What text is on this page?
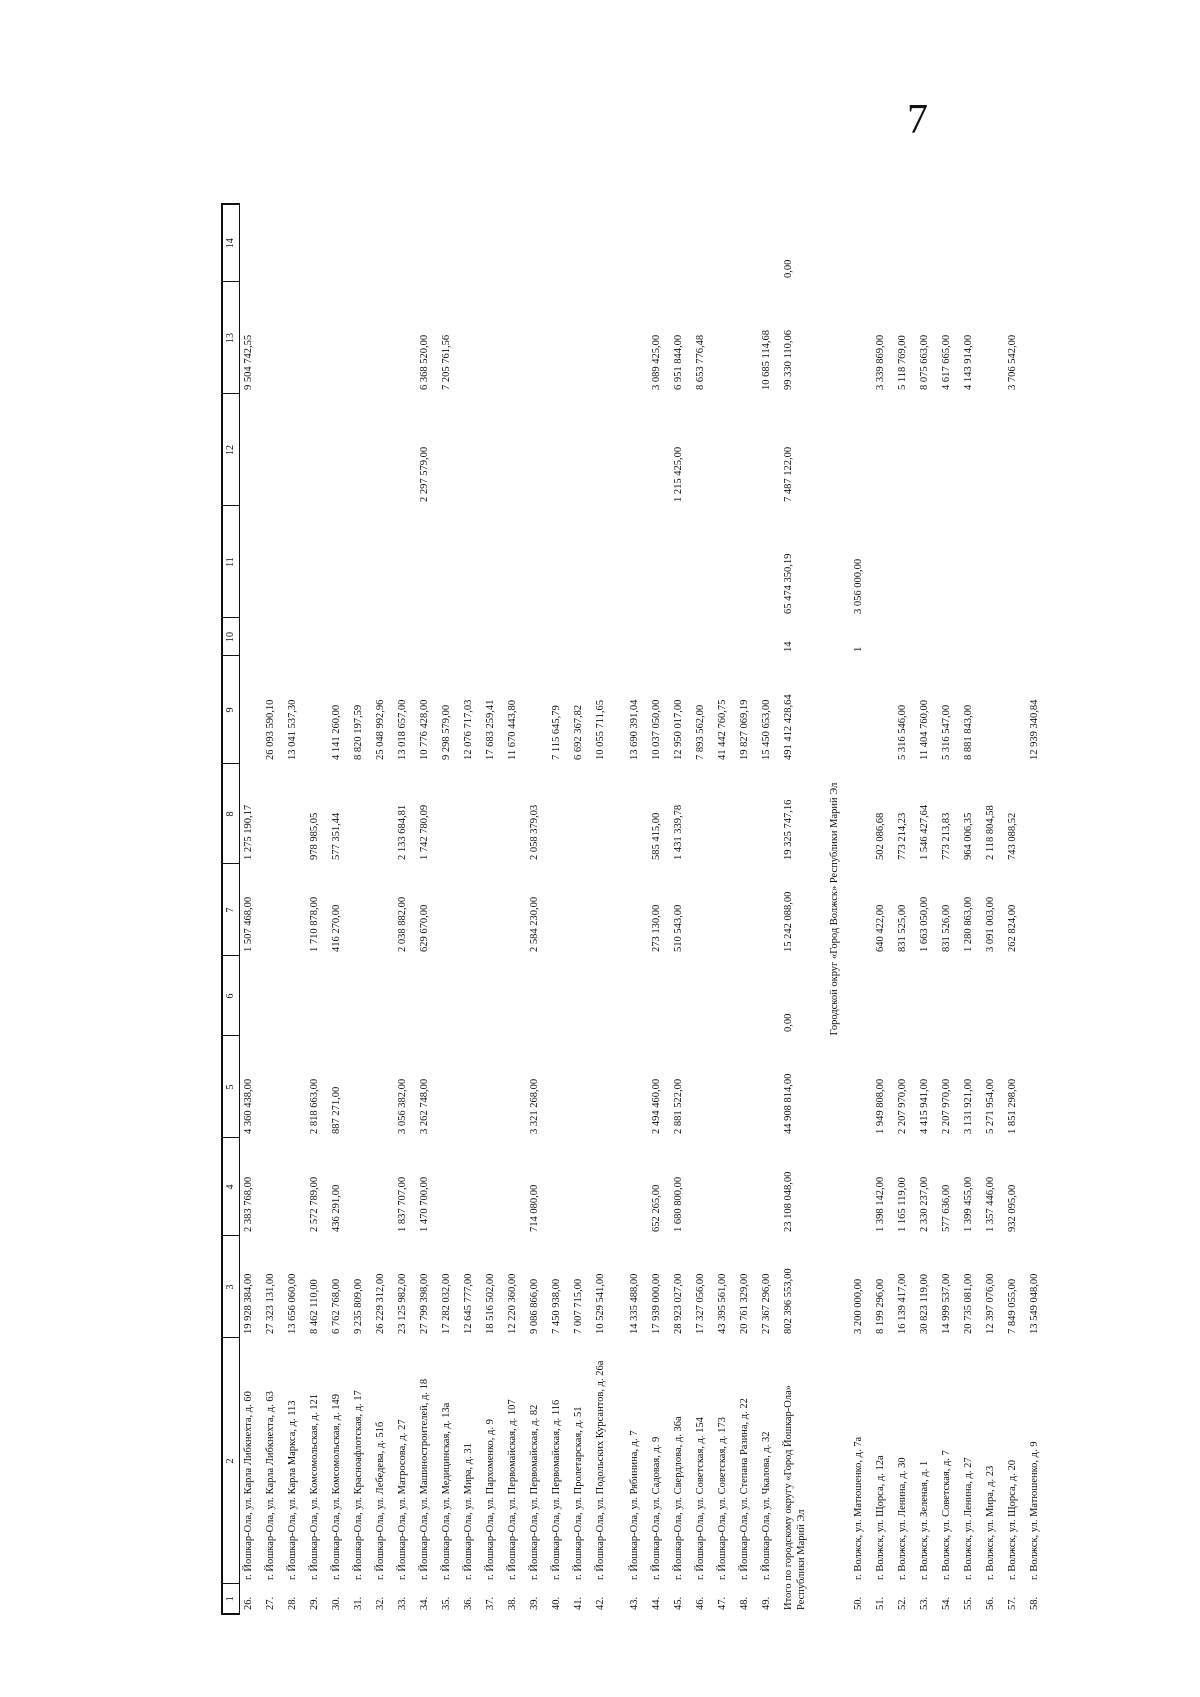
7
1	2	3	4	5	6	7	8	9	10	11	12	13	14
26.	г. Йошкар-Ола, ул. Карла Либкнехта, д. 60	19 928 384,00	2 383 768,00	4 360 438,00		1 507 468,00	1 275 190,17					9 504 742,55	
27.	г. Йошкар-Ола, ул. Карла Либкнехта, д. 63	27 323 131,00						26 093 590,10					
28.	г. Йошкар-Ола, ул. Карла Маркса, д. 113	13 656 060,00						13 041 537,30					
29.	г. Йошкар-Ола, ул. Комсомольская, д. 121	8 462 110,00	2 572 789,00	2 818 663,00		1 710 878,00	978 985,05						
30.	г. Йошкар-Ола, ул. Комсомольская, д. 149	6 762 768,00	436 291,00	887 271,00		416 270,00	577 351,44	4 141 260,00					
31.	г. Йошкар-Ола, ул. Красноафлотская, д. 17	9 235 809,00						8 820 197,59					
32.	г. Йошкар-Ола, ул. Лебедева, д. 51б	26 229 312,00						25 048 992,96					
33.	г. Йошкар-Ола, ул. Матросова, д. 27	23 125 982,00	1 837 707,00	3 056 382,00		2 038 882,00	2 133 684,81	13 018 657,00					
34.	г. Йошкар-Ола, ул. Машиностроителей, д. 18	27 799 398,00	1 470 700,00	3 262 748,00		629 670,00	1 742 780,09	10 776 428,00			2 297 579,00	6 368 520,00	
35.	г. Йошкар-Ола, ул. Медицинская, д. 13а	17 282 032,00						9 298 579,00				7 205 761,56	
36.	г. Йошкар-Ола, ул. Мира, д. 31	12 645 777,00						12 076 717,03					
37.	г. Йошкар-Ола, ул. Пархоменко, д. 9	18 516 502,00						17 683 259,41					
38.	г. Йошкар-Ола, ул. Первомайская, д. 107	12 220 360,00						11 670 443,80					
39.	г. Йошкар-Ола, ул. Первомайская, д. 82	9 086 866,00	714 080,00	3 321 268,00		2 584 230,00	2 058 379,03						
40.	г. Йошкар-Ола, ул. Первомайская, д. 116	7 450 938,00						7 115 645,79					
41.	г. Йошкар-Ола, ул. Пролетарская, д. 51	7 007 715,00						6 692 367,82					
42.	г. Йошкар-Ола, ул. Подольских Курсантов, д. 26а	10 529 541,00						10 055 711,65					
43.	г. Йошкар-Ола, ул. Рябинина, д. 7	14 335 488,00						13 690 391,04					
44.	г. Йошкар-Ола, ул. Садовая, д. 9	17 939 000,00	652 265,00	2 494 460,00		273 130,00	585 415,00	10 037 050,00				3 089 425,00	
45.	г. Йошкар-Ола, ул. Свердлова, д. 36а	28 923 027,00	1 680 800,00	2 881 522,00		510 543,00	1 431 339,78	12 950 017,00			1 215 425,00	6 951 844,00	
46.	г. Йошкар-Ола, ул. Советская, д. 154	17 327 056,00						7 893 562,00				8 653 776,48	
47.	г. Йошкар-Ола, ул. Советская, д. 173	43 395 561,00						41 442 760,75					
48.	г. Йошкар-Ола, ул. Степана Разина, д. 22	20 761 329,00						19 827 069,19					
49.	г. Йошкар-Ола, ул. Чкалова, д. 32	27 367 296,00						15 450 653,00				10 685 114,68	
Итого по городскому округу «Город Йошкар-Ола» Республики Марий Эл		802 396 553,00	23 108 048,00	44 908 814,00	0,00	15 242 088,00	19 325 747,16	491 412 428,64	14	65 474 350,19	7 487 122,00	99 330 110,06	0,00
Городской округ «Город Волжск» Республики Марий Эл													
50.	г. Волжск, ул. Матюшенко, д. 7а	3 200 000,00							1	3 056 000,00			
51.	г. Волжск, ул. Щорса, д. 12а	8 199 296,00	1 398 142,00	1 949 808,00		640 422,00	502 086,68					3 339 869,00	
52.	г. Волжск, ул. Ленина, д. 30	16 139 417,00	1 165 119,00	2 207 970,00		831 525,00	773 214,23	5 316 546,00				5 118 769,00	
53.	г. Волжск, ул. Зеленая, д. 1	30 823 119,00	2 330 237,00	4 415 941,00		1 663 050,00	1 546 427,64	11 404 760,00				8 075 663,00	
54.	г. Волжск, ул. Советская, д. 7	14 999 537,00	577 636,00	2 207 970,00		831 526,00	773 213,83	5 316 547,00				4 617 665,00	
55.	г. Волжск, ул. Ленина, д. 27	20 735 081,00	1 399 455,00	3 131 921,00		1 280 863,00	964 006,35	8 881 843,00				4 143 914,00	
56.	г. Волжск, ул. Мира, д. 23	12 397 076,00	1 357 446,00	5 271 954,00		3 091 003,00	2 118 804,58						
57.	г. Волжск, ул. Щорса, д. 20	7 849 055,00	932 095,00	1 851 298,00		262 824,00	743 088,52					3 706 542,00	
58.	г. Волжск, ул. Матюшенко, д. 9	13 549 048,00						12 939 340,84					
